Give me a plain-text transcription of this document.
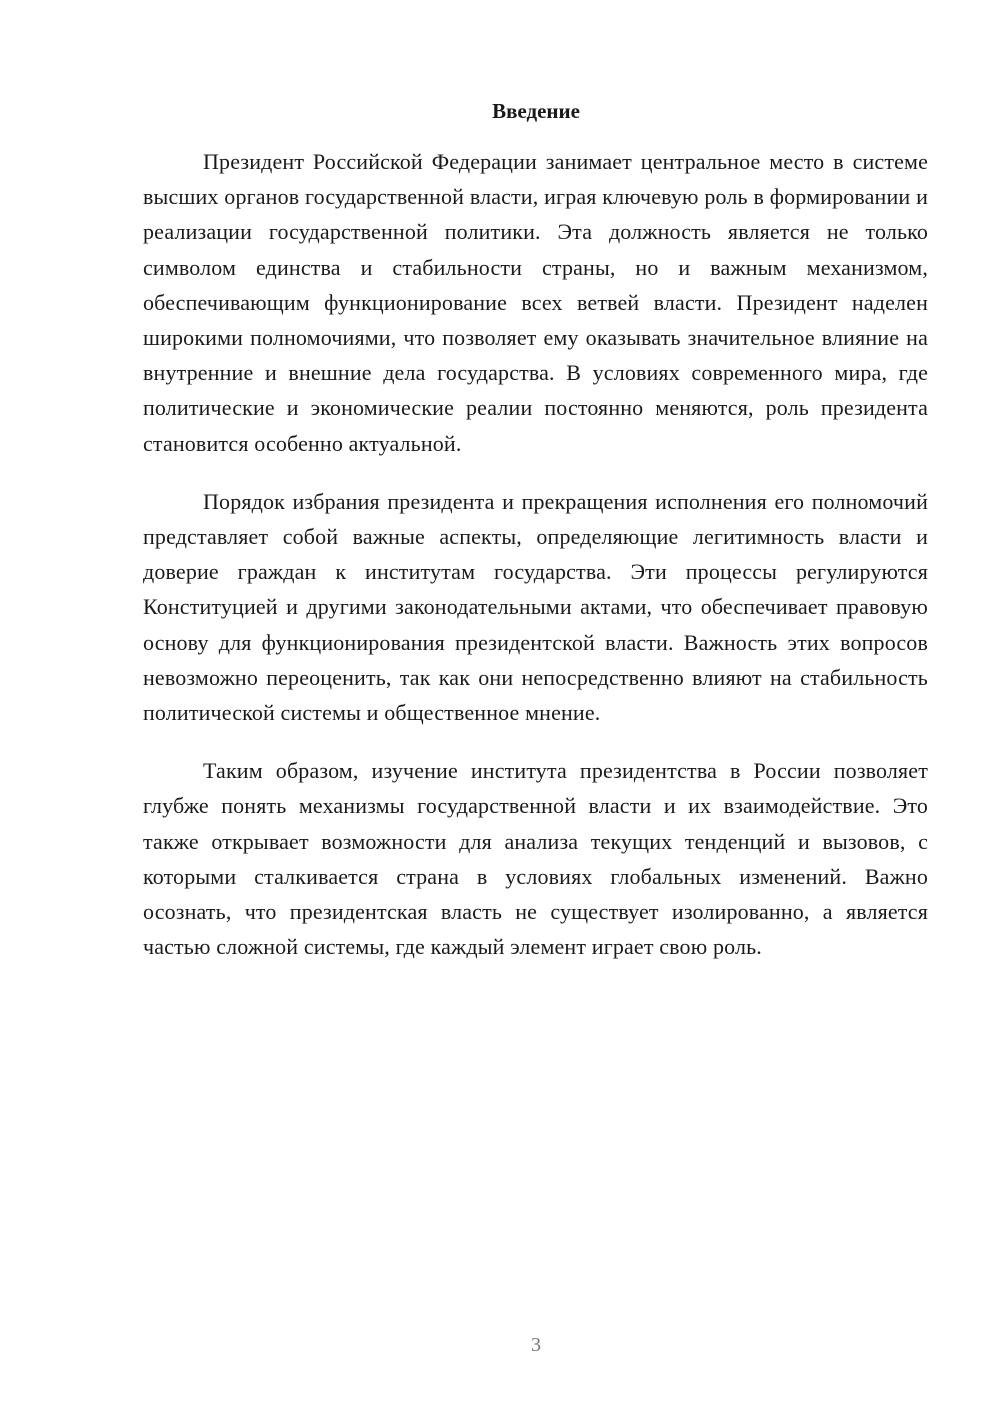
Введение

Президент Российской Федерации занимает центральное место в системе высших органов государственной власти, играя ключевую роль в формировании и реализации государственной политики. Эта должность является не только символом единства и стабильности страны, но и важным механизмом, обеспечивающим функционирование всех ветвей власти. Президент наделен широкими полномочиями, что позволяет ему оказывать значительное влияние на внутренние и внешние дела государства. В условиях современного мира, где политические и экономические реалии постоянно меняются, роль президента становится особенно актуальной.

Порядок избрания президента и прекращения исполнения его полномочий представляет собой важные аспекты, определяющие легитимность власти и доверие граждан к институтам государства. Эти процессы регулируются Конституцией и другими законодательными актами, что обеспечивает правовую основу для функционирования президентской власти. Важность этих вопросов невозможно переоценить, так как они непосредственно влияют на стабильность политической системы и общественное мнение.

Таким образом, изучение института президентства в России позволяет глубже понять механизмы государственной власти и их взаимодействие. Это также открывает возможности для анализа текущих тенденций и вызовов, с которыми сталкивается страна в условиях глобальных изменений. Важно осознать, что президентская власть не существует изолированно, а является частью сложной системы, где каждый элемент играет свою роль.

3
